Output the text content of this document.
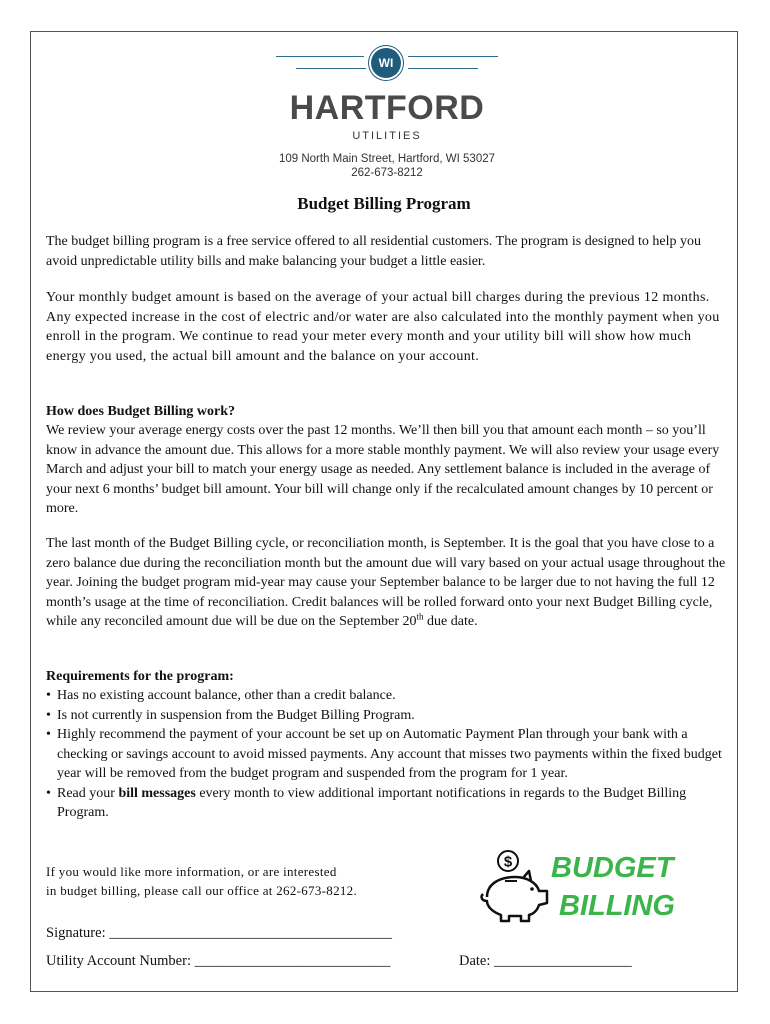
WI
HARTFORD
UTILITIES
109 North Main Street, Hartford, WI 53027
262-673-8212
Budget Billing Program

The budget billing program is a free service offered to all residential customers. The program is designed to help you avoid unpredictable utility bills and make balancing your budget a little easier.

Your monthly budget amount is based on the average of your actual bill charges during the previous 12 months. Any expected increase in the cost of electric and/or water are also calculated into the monthly payment when you enroll in the program. We continue to read your meter every month and your utility bill will show how much energy you used, the actual bill amount and the balance on your account.

How does Budget Billing work?

We review your average energy costs over the past 12 months. We’ll then bill you that amount each month – so you’ll know in advance the amount due. This allows for a more stable monthly payment. We will also review your usage every March and adjust your bill to match your energy usage as needed. Any settlement balance is included in the average of your next 6 months’ budget bill amount. Your bill will change only if the recalculated amount changes by 10 percent or more.

The last month of the Budget Billing cycle, or reconciliation month, is September. It is the goal that you have close to a zero balance due during the reconciliation month but the amount due will vary based on your actual usage throughout the year. Joining the budget program mid-year may cause your September balance to be larger due to not having the full 12 month’s usage at the time of reconciliation. Credit balances will be rolled forward onto your next Budget Billing cycle, while any reconciled amount due will be due on the September 20th due date.

Requirements for the program:

• Has no existing account balance, other than a credit balance.
• Is not currently in suspension from the Budget Billing Program.
• Highly recommend the payment of your account be set up on Automatic Payment Plan through your bank with a checking or savings account to avoid missed payments. Any account that misses two payments within the fixed budget year will be removed from the budget program and suspended from the program for 1 year.
• Read your bill messages every month to view additional important notifications in regards to the Budget Billing Program.
If you would like more information, or are interested
in budget billing, please call our office at 262-673-8212.
$ BUDGET
BILLING
Signature: _______________________________________
Utility Account Number: ___________________________	Date: ___________________
